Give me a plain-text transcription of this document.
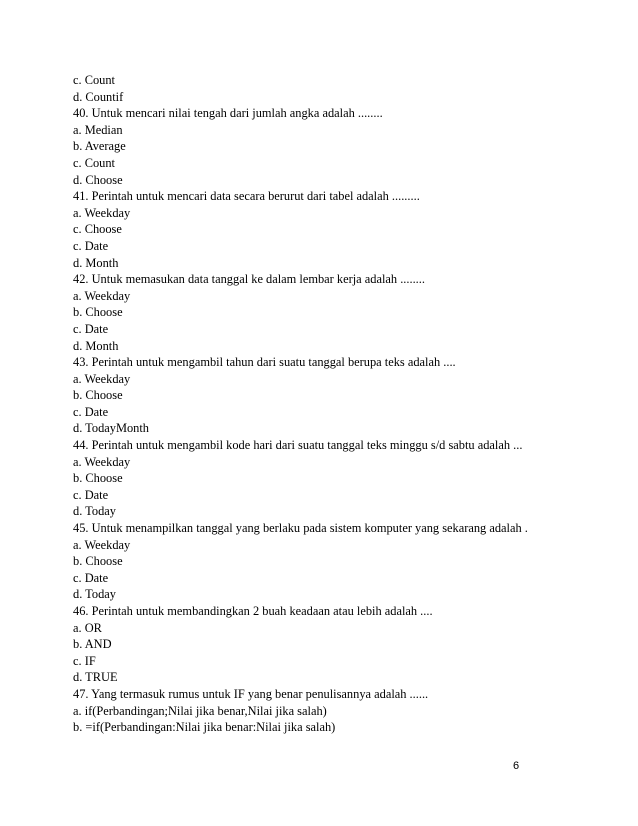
c. Count

d. Countif

40. Untuk mencari nilai tengah dari jumlah angka adalah ........

a. Median

b. Average

c. Count

d. Choose

41. Perintah untuk mencari data secara berurut dari tabel adalah .........

a. Weekday

c. Choose

c. Date

d. Month

42. Untuk memasukan data tanggal ke dalam lembar kerja adalah ........

a. Weekday

b. Choose

c. Date

d. Month

43. Perintah untuk mengambil tahun dari suatu tanggal berupa teks adalah ....

a. Weekday

b. Choose

c. Date

d. TodayMonth

44. Perintah untuk mengambil kode hari dari suatu tanggal teks minggu s/d sabtu adalah ...

a. Weekday

b. Choose

c. Date

d. Today

45. Untuk menampilkan tanggal yang berlaku pada sistem komputer yang sekarang adalah .

a. Weekday

b. Choose

c. Date

d. Today

46. Perintah untuk membandingkan 2 buah keadaan atau lebih adalah ....

a. OR

b. AND

c. IF

d. TRUE

47. Yang termasuk rumus untuk IF yang benar penulisannya adalah ......

a. if(Perbandingan;Nilai jika benar,Nilai jika salah)

b. =if(Perbandingan:Nilai jika benar:Nilai jika salah)

6
